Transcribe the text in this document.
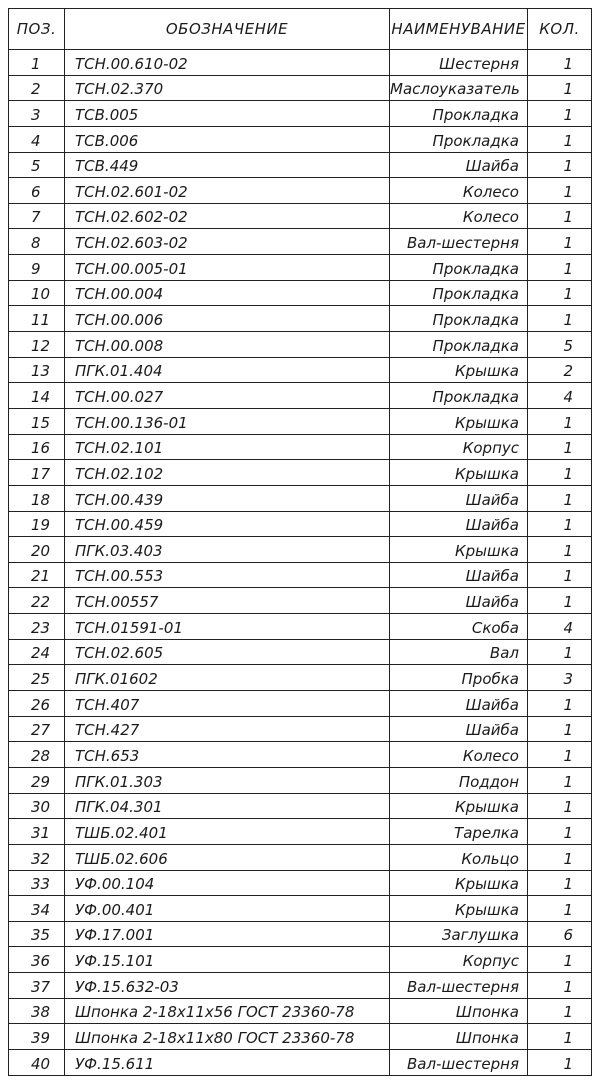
ПОЗ.	ОБОЗНАЧЕНИЕ	НАИМЕНУВАНИЕ	КОЛ.
1	ТСН.00.610-02	Шестерня	1
2	ТСН.02.370	Маслоуказатель	1
3	ТСВ.005	Прокладка	1
4	ТСВ.006	Прокладка	1
5	ТСВ.449	Шайба	1
6	ТСН.02.601-02	Колесо	1
7	ТСН.02.602-02	Колесо	1
8	ТСН.02.603-02	Вал-шестерня	1
9	ТСН.00.005-01	Прокладка	1
10	ТСН.00.004	Прокладка	1
11	ТСН.00.006	Прокладка	1
12	ТСН.00.008	Прокладка	5
13	ПГК.01.404	Крышка	2
14	ТСН.00.027	Прокладка	4
15	ТСН.00.136-01	Крышка	1
16	ТСН.02.101	Корпус	1
17	ТСН.02.102	Крышка	1
18	ТСН.00.439	Шайба	1
19	ТСН.00.459	Шайба	1
20	ПГК.03.403	Крышка	1
21	ТСН.00.553	Шайба	1
22	ТСН.00557	Шайба	1
23	ТСН.01591-01	Скоба	4
24	ТСН.02.605	Вал	1
25	ПГК.01602	Пробка	3
26	ТСН.407	Шайба	1
27	ТСН.427	Шайба	1
28	ТСН.653	Колесо	1
29	ПГК.01.303	Поддон	1
30	ПГК.04.301	Крышка	1
31	ТШБ.02.401	Тарелка	1
32	ТШБ.02.606	Кольцо	1
33	УФ.00.104	Крышка	1
34	УФ.00.401	Крышка	1
35	УФ.17.001	Заглушка	6
36	УФ.15.101	Корпус	1
37	УФ.15.632-03	Вал-шестерня	1
38	Шпонка 2-18х11х56 ГОСТ 23360-78	Шпонка	1
39	Шпонка 2-18х11х80 ГОСТ 23360-78	Шпонка	1
40	УФ.15.611	Вал-шестерня	1
